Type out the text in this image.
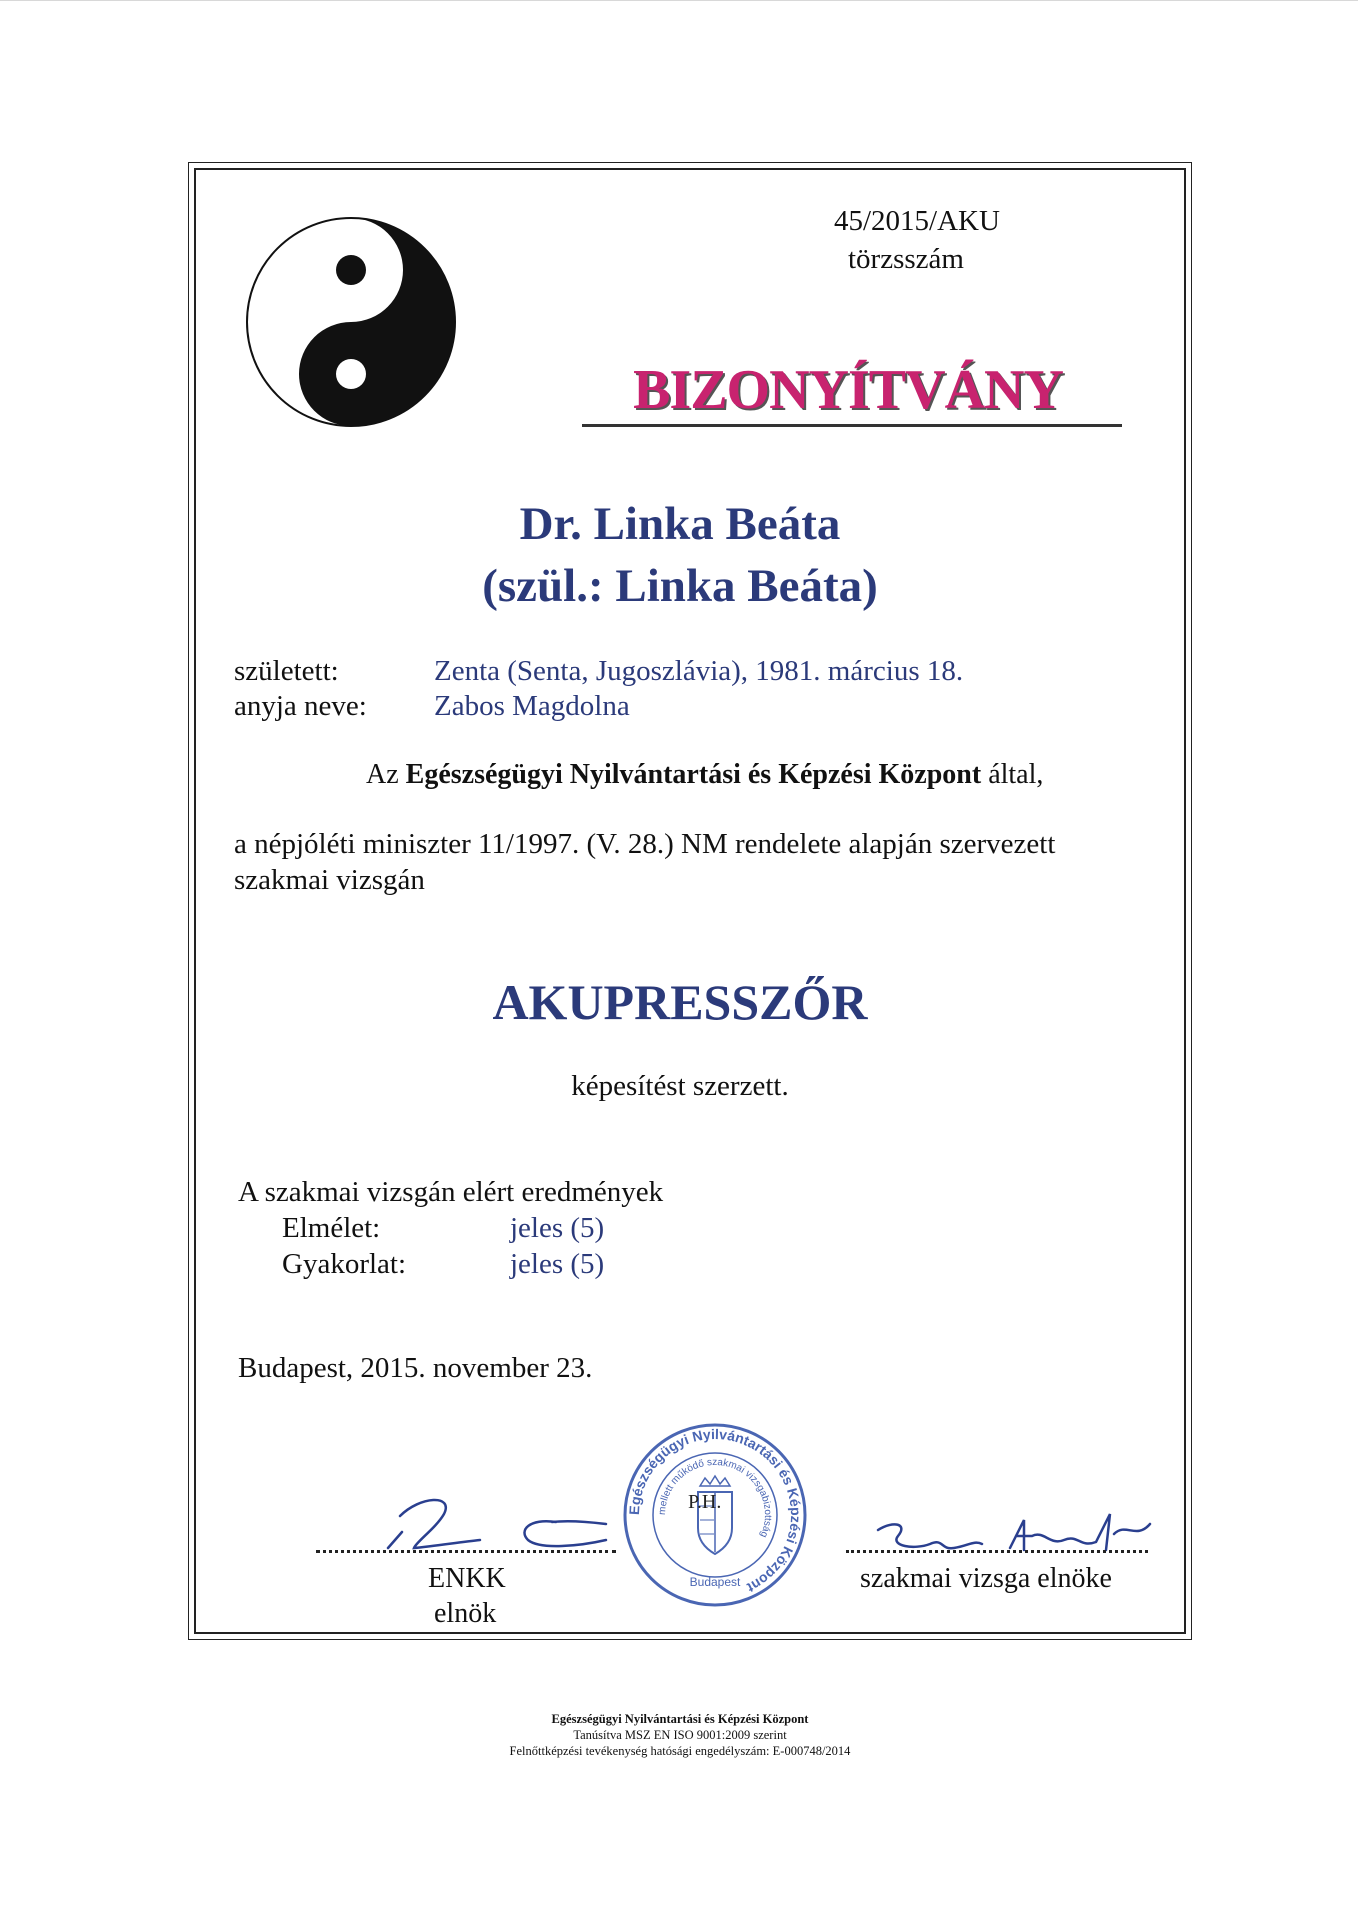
45/2015/AKU
törzsszám
BIZONYÍTVÁNY
Dr. Linka Beáta
(szül.: Linka Beáta)
született:	Zenta (Senta, Jugoszlávia), 1981. március 18.
anyja neve: Zabos Magdolna
Az Egészségügyi Nyilvántartási és Képzési Központ által,
a népjóléti miniszter 11/1997. (V. 28.) NM rendelete alapján szervezett
szakmai vizsgán
AKUPRESSZŐR
képesítést szerzett.
A szakmai vizsgán elért eredmények
Elmélet:	jeles (5)
Gyakorlat:	jeles (5)
Budapest, 2015. november 23.
Egészségügyi Nyilvántartási és Képzési Központ
mellett működő szakmai vizsgabizottság
Budapest
P.H.
ENKK
elnök
szakmai vizsga elnöke
Egészségügyi Nyilvántartási és Képzési Központ
Tanúsítva MSZ EN ISO 9001:2009 szerint
Felnőttképzési tevékenység hatósági engedélyszám: E-000748/2014
